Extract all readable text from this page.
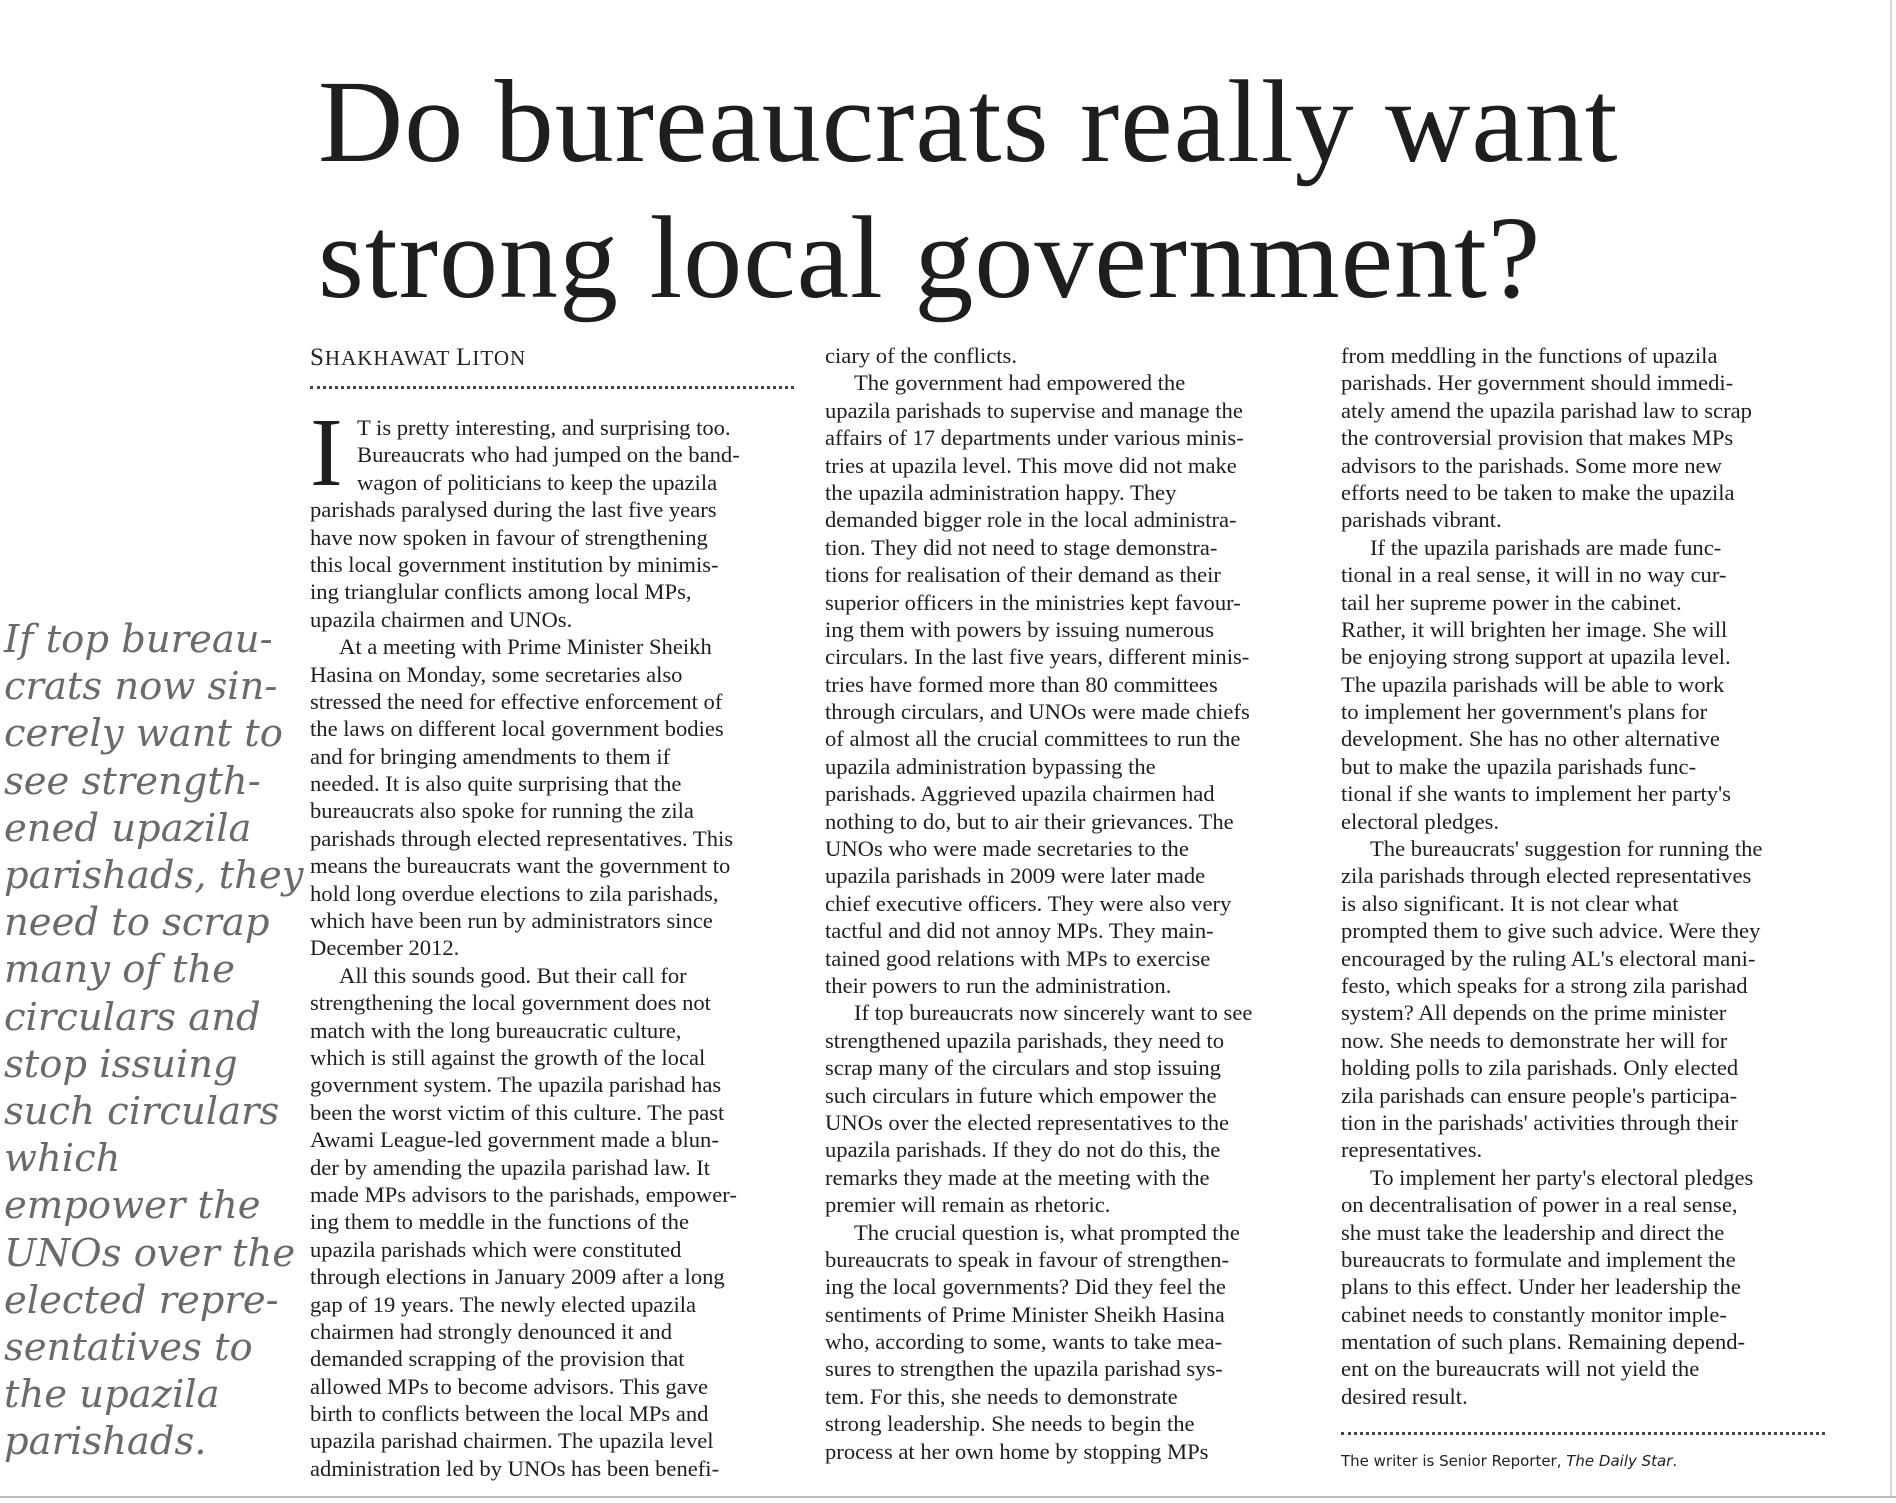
Do bureaucrats really want
strong local government?
If top bureau-
crats now sin-
cerely want to
see strength-
ened upazila
parishads, they
need to scrap
many of the
circulars and
stop issuing
such circulars
which
empower the
UNOs over the
elected repre-
sentatives to
the upazila
parishads.
SHAKHAWAT LITON
I T is pretty interesting, and surprising too.
Bureaucrats who had jumped on the band-
wagon of politicians to keep the upazila
parishads paralysed during the last five years
have now spoken in favour of strengthening
this local government institution by minimis-
ing trianglular conflicts among local MPs,
upazila chairmen and UNOs.
At a meeting with Prime Minister Sheikh
Hasina on Monday, some secretaries also
stressed the need for effective enforcement of
the laws on different local government bodies
and for bringing amendments to them if
needed. It is also quite surprising that the
bureaucrats also spoke for running the zila
parishads through elected representatives. This
means the bureaucrats want the government to
hold long overdue elections to zila parishads,
which have been run by administrators since
December 2012.
All this sounds good. But their call for
strengthening the local government does not
match with the long bureaucratic culture,
which is still against the growth of the local
government system. The upazila parishad has
been the worst victim of this culture. The past
Awami League-led government made a blun-
der by amending the upazila parishad law. It
made MPs advisors to the parishads, empower-
ing them to meddle in the functions of the
upazila parishads which were constituted
through elections in January 2009 after a long
gap of 19 years. The newly elected upazila
chairmen had strongly denounced it and
demanded scrapping of the provision that
allowed MPs to become advisors. This gave
birth to conflicts between the local MPs and
upazila parishad chairmen. The upazila level
administration led by UNOs has been benefi-
ciary of the conflicts.
The government had empowered the
upazila parishads to supervise and manage the
affairs of 17 departments under various minis-
tries at upazila level. This move did not make
the upazila administration happy. They
demanded bigger role in the local administra-
tion. They did not need to stage demonstra-
tions for realisation of their demand as their
superior officers in the ministries kept favour-
ing them with powers by issuing numerous
circulars. In the last five years, different minis-
tries have formed more than 80 committees
through circulars, and UNOs were made chiefs
of almost all the crucial committees to run the
upazila administration bypassing the
parishads. Aggrieved upazila chairmen had
nothing to do, but to air their grievances. The
UNOs who were made secretaries to the
upazila parishads in 2009 were later made
chief executive officers. They were also very
tactful and did not annoy MPs. They main-
tained good relations with MPs to exercise
their powers to run the administration.
If top bureaucrats now sincerely want to see
strengthened upazila parishads, they need to
scrap many of the circulars and stop issuing
such circulars in future which empower the
UNOs over the elected representatives to the
upazila parishads. If they do not do this, the
remarks they made at the meeting with the
premier will remain as rhetoric.
The crucial question is, what prompted the
bureaucrats to speak in favour of strengthen-
ing the local governments? Did they feel the
sentiments of Prime Minister Sheikh Hasina
who, according to some, wants to take mea-
sures to strengthen the upazila parishad sys-
tem. For this, she needs to demonstrate
strong leadership. She needs to begin the
process at her own home by stopping MPs
from meddling in the functions of upazila
parishads. Her government should immedi-
ately amend the upazila parishad law to scrap
the controversial provision that makes MPs
advisors to the parishads. Some more new
efforts need to be taken to make the upazila
parishads vibrant.
If the upazila parishads are made func-
tional in a real sense, it will in no way cur-
tail her supreme power in the cabinet.
Rather, it will brighten her image. She will
be enjoying strong support at upazila level.
The upazila parishads will be able to work
to implement her government's plans for
development. She has no other alternative
but to make the upazila parishads func-
tional if she wants to implement her party's
electoral pledges.
The bureaucrats' suggestion for running the
zila parishads through elected representatives
is also significant. It is not clear what
prompted them to give such advice. Were they
encouraged by the ruling AL's electoral mani-
festo, which speaks for a strong zila parishad
system? All depends on the prime minister
now. She needs to demonstrate her will for
holding polls to zila parishads. Only elected
zila parishads can ensure people's participa-
tion in the parishads' activities through their
representatives.
To implement her party's electoral pledges
on decentralisation of power in a real sense,
she must take the leadership and direct the
bureaucrats to formulate and implement the
plans to this effect. Under her leadership the
cabinet needs to constantly monitor imple-
mentation of such plans. Remaining depend-
ent on the bureaucrats will not yield the
desired result.
The writer is Senior Reporter, The Daily Star.
